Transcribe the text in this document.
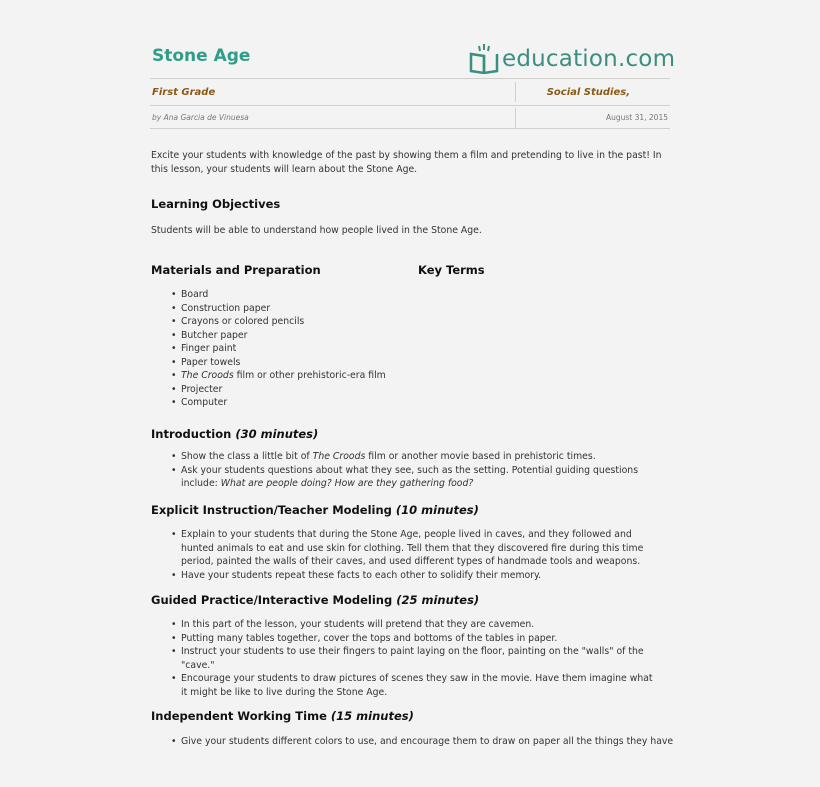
Stone Age	education.com
First Grade	Social Studies,
by Ana Garcia de Vinuesa	August 31, 2015
Excite your students with knowledge of the past by showing them a film and pretending to live in the past! In this lesson, your students will learn about the Stone Age.
Learning Objectives
Students will be able to understand how people lived in the Stone Age.
Materials and Preparation	Key Terms
• Board
• Construction paper
• Crayons or colored pencils
• Butcher paper
• Finger paint
• Paper towels
• The Croods film or other prehistoric-era film
• Projecter
• Computer
Introduction (30 minutes)
• Show the class a little bit of The Croods film or another movie based in prehistoric times.
• Ask your students questions about what they see, such as the setting. Potential guiding questions include: What are people doing? How are they gathering food?
Explicit Instruction/Teacher Modeling (10 minutes)
• Explain to your students that during the Stone Age, people lived in caves, and they followed and hunted animals to eat and use skin for clothing. Tell them that they discovered fire during this time period, painted the walls of their caves, and used different types of handmade tools and weapons.
• Have your students repeat these facts to each other to solidify their memory.
Guided Practice/Interactive Modeling (25 minutes)
• In this part of the lesson, your students will pretend that they are cavemen.
• Putting many tables together, cover the tops and bottoms of the tables in paper.
• Instruct your students to use their fingers to paint laying on the floor, painting on the "walls" of the "cave."
• Encourage your students to draw pictures of scenes they saw in the movie. Have them imagine what it might be like to live during the Stone Age.
Independent Working Time (15 minutes)
• Give your students different colors to use, and encourage them to draw on paper all the things they have
